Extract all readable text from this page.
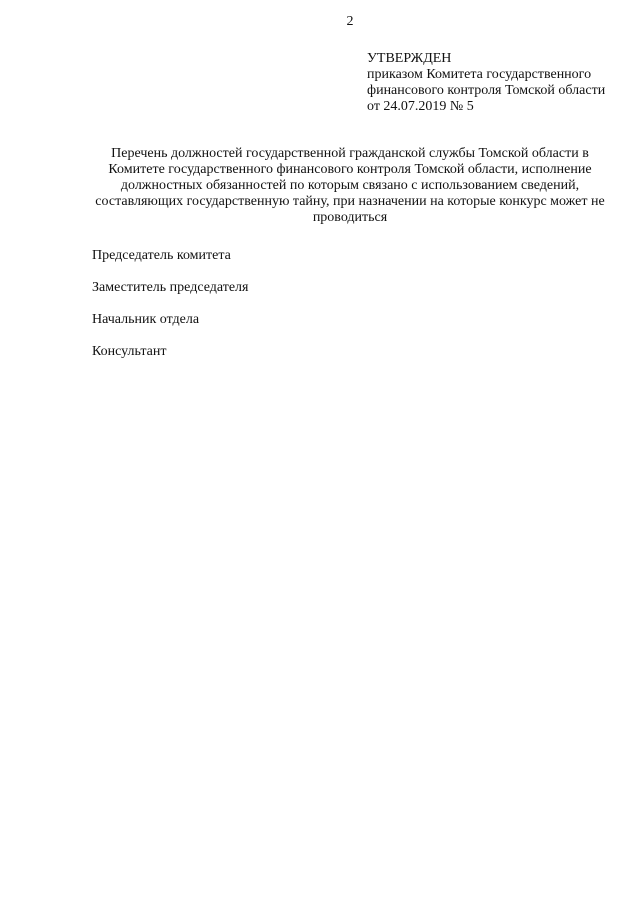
2
УТВЕРЖДЕН
приказом Комитета государственного
финансового контроля Томской области
от 24.07.2019 № 5
Перечень должностей государственной гражданской службы Томской области в
Комитете государственного финансового контроля Томской области, исполнение
должностных обязанностей по которым связано с использованием сведений,
составляющих государственную тайну, при назначении на которые конкурс может не
проводиться
Председатель комитета
Заместитель председателя
Начальник отдела
Консультант
